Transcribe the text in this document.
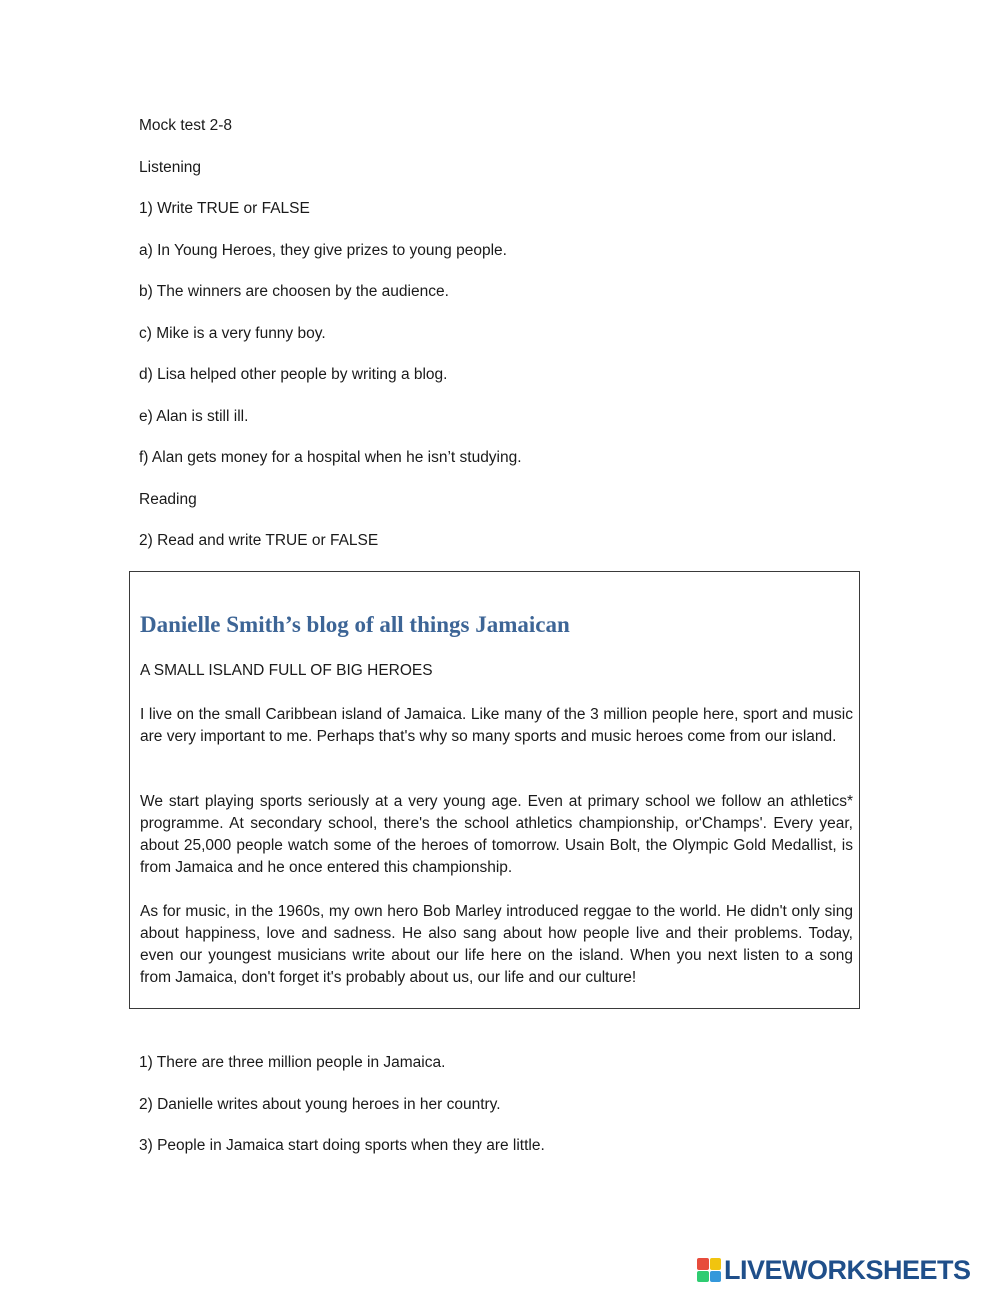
Mock test 2-8
Listening
1) Write TRUE or FALSE
a) In Young Heroes, they give prizes to young people.
b) The winners are choosen by the audience.
c) Mike is a very funny boy.
d) Lisa helped other people by writing a blog.
e) Alan is still ill.
f) Alan gets money for a hospital when he isn’t studying.
Reading
2) Read and write TRUE or FALSE
Danielle Smith’s blog of all things Jamaican
A SMALL ISLAND FULL OF BIG HEROES

I live on the small Caribbean island of Jamaica. Like many of the 3 million people here, sport and music are very important to me. Perhaps that's why so many sports and music heroes come from our island.

We start playing sports seriously at a very young age. Even at primary school we follow an athletics* programme. At secondary school, there's the school athletics championship, or'Champs'. Every year, about 25,000 people watch some of the heroes of tomorrow. Usain Bolt, the Olympic Gold Medallist, is from Jamaica and he once entered this championship.

As for music, in the 1960s, my own hero Bob Marley introduced reggae to the world. He didn't only sing about happiness, love and sadness. He also sang about how people live and their problems. Today, even our youngest musicians write about our life here on the island. When you next listen to a song from Jamaica, don't forget it's probably about us, our life and our culture!

1) There are three million people in Jamaica.
2) Danielle writes about young heroes in her country.
3) People in Jamaica start doing sports when they are little.
LIVEWORKSHEETS
